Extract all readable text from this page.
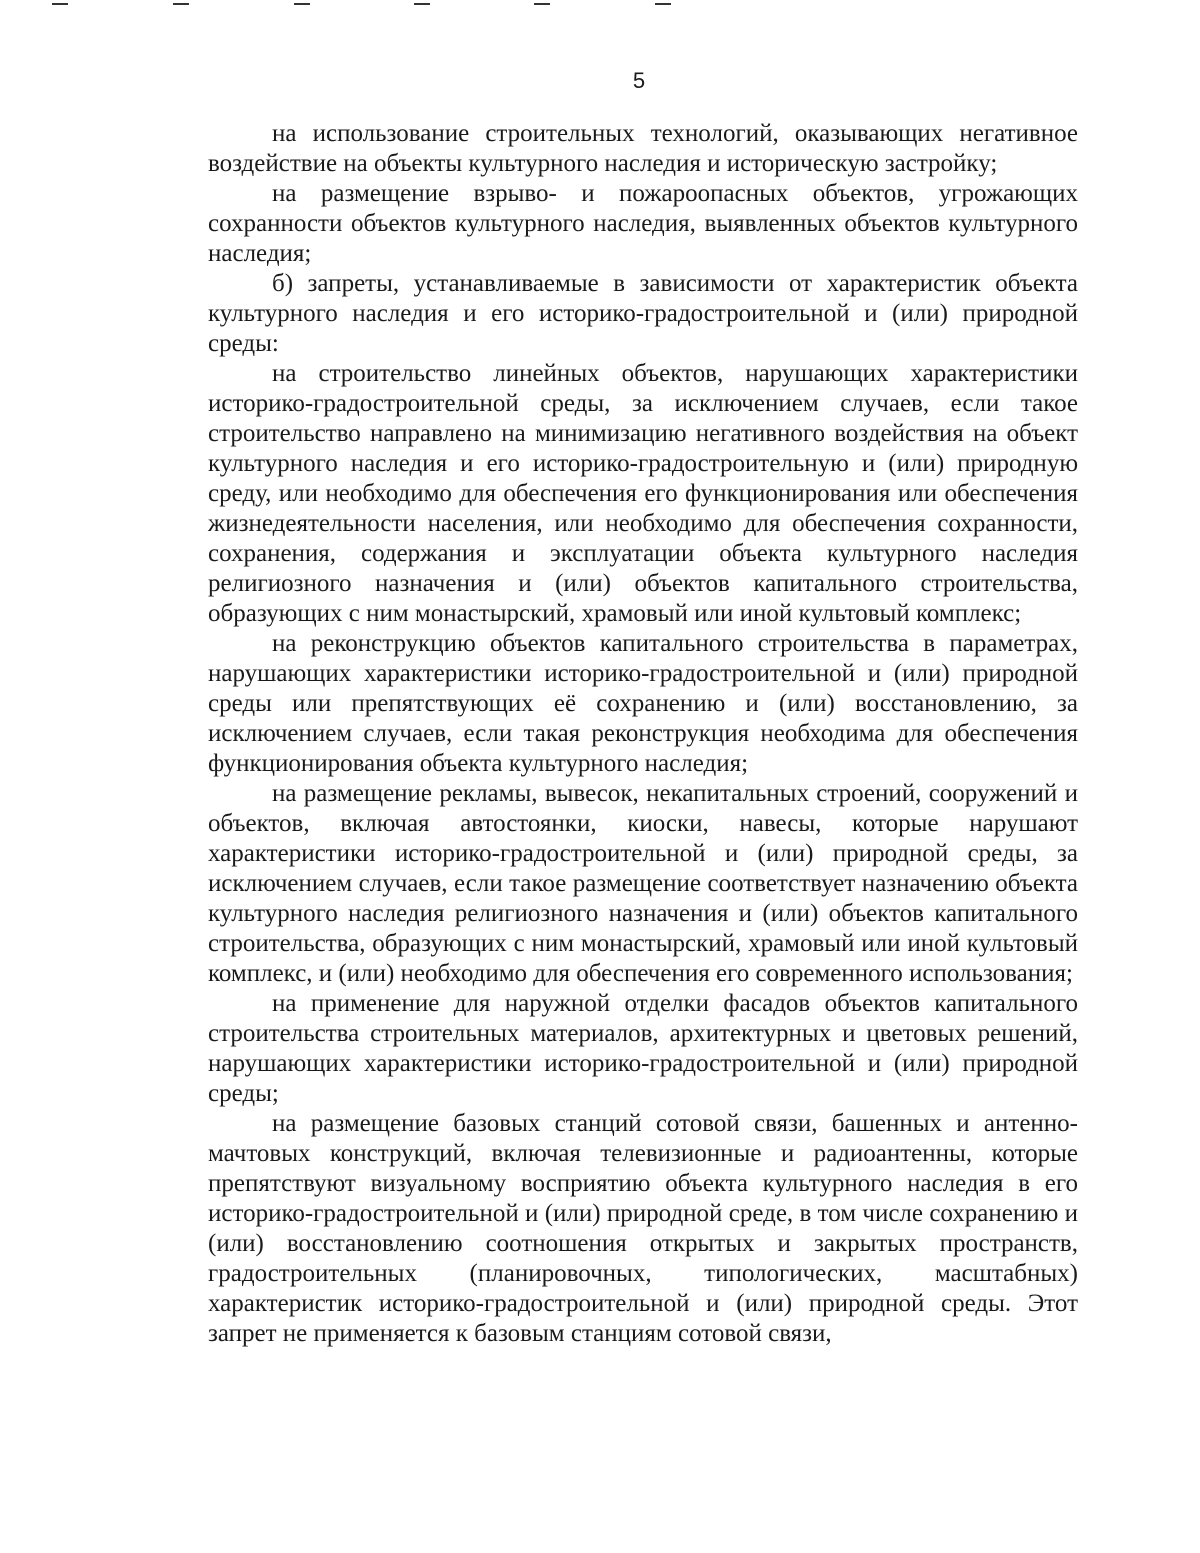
5

на использование строительных технологий, оказывающих негативное воздействие на объекты культурного наследия и историческую застройку;

на размещение взрыво- и пожароопасных объектов, угрожающих сохранности объектов культурного наследия, выявленных объектов культурного наследия;

б) запреты, устанавливаемые в зависимости от характеристик объекта культурного наследия и его историко-градостроительной и (или) природной среды:

на строительство линейных объектов, нарушающих характеристики историко-градостроительной среды, за исключением случаев, если такое строительство направлено на минимизацию негативного воздействия на объект культурного наследия и его историко-градостроительную и (или) природную среду, или необходимо для обеспечения его функционирования или обеспечения жизнедеятельности населения, или необходимо для обеспечения сохранности, сохранения, содержания и эксплуатации объекта культурного наследия религиозного назначения и (или) объектов капитального строительства, образующих с ним монастырский, храмовый или иной культовый комплекс;

на реконструкцию объектов капитального строительства в параметрах, нарушающих характеристики историко-градостроительной и (или) природной среды или препятствующих её сохранению и (или) восстановлению, за исключением случаев, если такая реконструкция необходима для обеспечения функционирования объекта культурного наследия;

на размещение рекламы, вывесок, некапитальных строений, сооружений и объектов, включая автостоянки, киоски, навесы, которые нарушают характеристики историко-градостроительной и (или) природной среды, за исключением случаев, если такое размещение соответствует назначению объекта культурного наследия религиозного назначения и (или) объектов капитального строительства, образующих с ним монастырский, храмовый или иной культовый комплекс, и (или) необходимо для обеспечения его современного использования;

на применение для наружной отделки фасадов объектов капитального строительства строительных материалов, архитектурных и цветовых решений, нарушающих характеристики историко-градостроительной и (или) природной среды;

на размещение базовых станций сотовой связи, башенных и антенно-мачтовых конструкций, включая телевизионные и радиоантенны, которые препятствуют визуальному восприятию объекта культурного наследия в его историко-градостроительной и (или) природной среде, в том числе сохранению и (или) восстановлению соотношения открытых и закрытых пространств, градостроительных (планировочных, типологических, масштабных) характеристик историко-градостроительной и (или) природной среды. Этот запрет не применяется к базовым станциям сотовой связи,
